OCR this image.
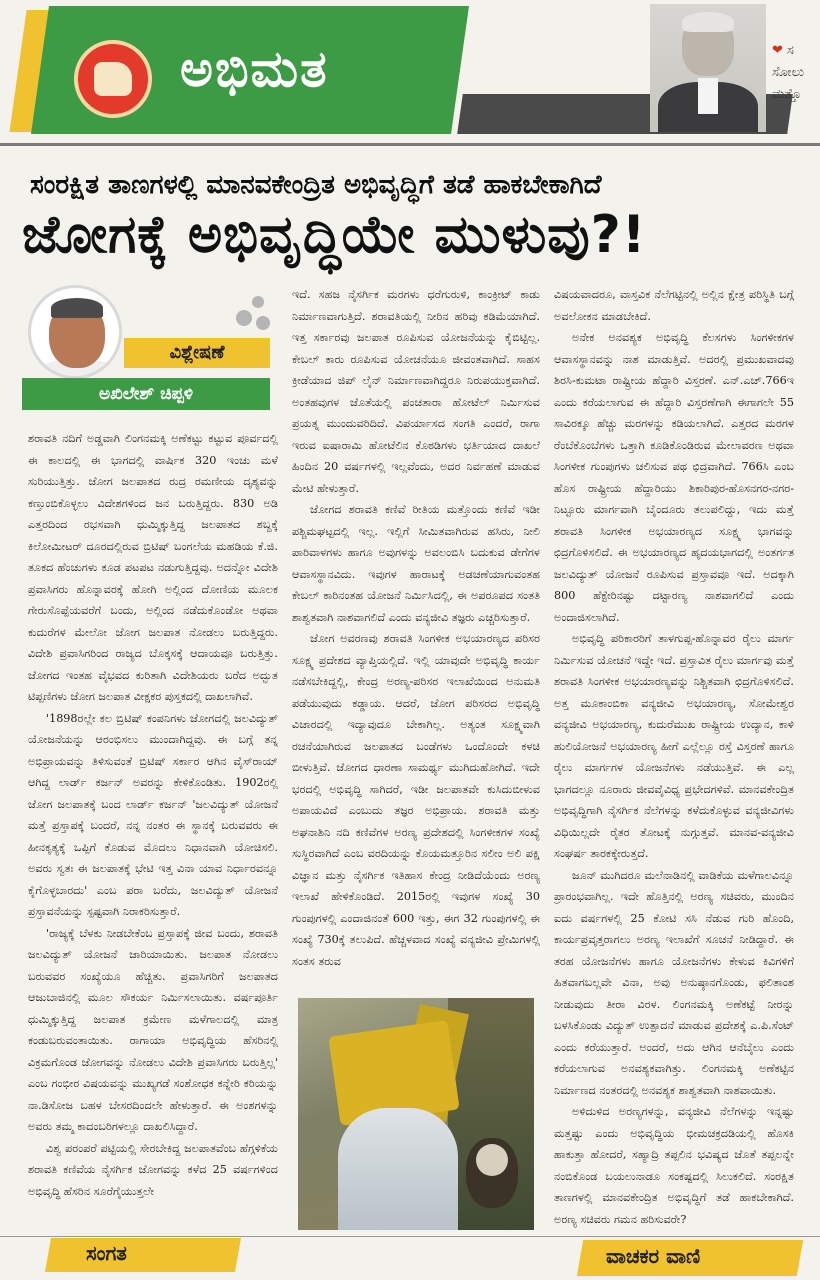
ಅಭಿಮತ	❤ ಸ
ಸೋಲು
ಮತ್ತೊ
ಸಂರಕ್ಷಿತ ತಾಣಗಳಲ್ಲಿ ಮಾನವಕೇಂದ್ರಿತ ಅಭಿವೃದ್ಧಿಗೆ ತಡೆ ಹಾಕಬೇಕಾಗಿದೆ
ಜೋಗಕ್ಕೆ ಅಭಿವೃದ್ಧಿಯೇ ಮುಳುವು?!
ವಿಶ್ಲೇಷಣೆ
ಅಖಿಲೇಶ್ ಚಿಪ್ಪಳಿ

ಶರಾವತಿ ನದಿಗೆ ಅಡ್ಡವಾಗಿ ಲಿಂಗನಮಕ್ಕಿ ಅಣೆಕಟ್ಟು ಕಟ್ಟುವ ಪೂರ್ವದಲ್ಲಿ ಈ ಕಾಲದಲ್ಲಿ ಈ ಭಾಗದಲ್ಲಿ ವಾರ್ಷಿಕ 320 ಇಂಚು ಮಳೆ ಸುರಿಯುತ್ತಿತ್ತು. ಜೋಗ ಜಲಪಾತದ ರುದ್ರ ರಮಣೀಯ ದೃಶ್ಯವನ್ನು ಕಣ್ತುಂಬಿಕೊಳ್ಳಲು ವಿದೇಶಗಳಿಂದ ಜನ ಬರುತ್ತಿದ್ದರು. 830 ಅಡಿ ಎತ್ತರದಿಂದ ರಭಸವಾಗಿ ಧುಮ್ಮಿಕ್ಕುತ್ತಿದ್ದ ಜಲಪಾತದ ಶಬ್ದಕ್ಕೆ ಕಿಲೋಮೀಟರ್ ದೂರದಲ್ಲಿರುವ ಬ್ರಿಟಿಷ್ ಬಂಗಲೆಯ ಮಹಡಿಯ ಕೆ.ಜಿ. ತೂಕದ ಹೆಂಚುಗಳು ಕೂಡ ಪಟಪಟ ನಡುಗುತ್ತಿದ್ದವು. ಅದನ್ನೋ ವಿದೇಶಿ ಪ್ರವಾಸಿಗರು ಹೊನ್ನಾವರಕ್ಕೆ ಹೋಗಿ ಅಲ್ಲಿಂದ ದೋಣಿಯ ಮೂಲಕ ಗೇರುಸೊಪ್ಪೆಯವರೆಗೆ ಬಂದು, ಅಲ್ಲಿಂದ ನಡೆದುಕೊಂಡೋ ಅಥವಾ ಕುದುರೆಗಳ ಮೇಲೋ ಜೋಗ ಜಲಪಾತ ನೋಡಲು ಬರುತ್ತಿದ್ದರು. ವಿದೇಶಿ ಪ್ರವಾಸಿಗರಿಂದ ರಾಜ್ಯದ ಬೊಕ್ಕಸಕ್ಕೆ ಆದಾಯವೂ ಬರುತ್ತಿತ್ತು. ಜೋಗದ ಇಂತಹ ವೈಭವದ ಕುರಿತಾಗಿ ವಿದೇಶಿಯರು ಬರೆದ ಅದ್ಭುತ ಟಿಪ್ಪಣಿಗಳು ಜೋಗ ಜಲಪಾತ ವೀಕ್ಷಕರ ಪುಸ್ತಕದಲ್ಲಿ ದಾಖಲಾಗಿವೆ.

'1898ರಲ್ಲೇ ಕಲ ಬ್ರಿಟಿಷ್ ಕಂಪನಿಗಳು ಜೋಗದಲ್ಲಿ ಜಲವಿದ್ಯುತ್ ಯೋಜನೆಯನ್ನು ಆರಂಭಿಸಲು ಮುಂದಾಗಿದ್ದವು. ಈ ಬಗ್ಗೆ ತನ್ನ ಅಭಿಪ್ರಾಯವನ್ನು ತಿಳಿಸುವಂತೆ ಬ್ರಿಟಿಷ್ ಸರ್ಕಾರ ಆಗಿನ ವೈಸ್‌ರಾಯ್ ಆಗಿದ್ದ ಲಾರ್ಡ್ ಕರ್ಜನ್ ಅವರನ್ನು ಕೇಳಿಕೊಂಡಿತು. 1902ರಲ್ಲಿ ಜೋಗ ಜಲಪಾತಕ್ಕೆ ಬಂದ ಲಾರ್ಡ್ ಕರ್ಜನ್ 'ಜಲವಿದ್ಯುತ್ ಯೋಜನೆ ಮತ್ತೆ ಪ್ರಸ್ತಾಪಕ್ಕೆ ಬಂದರೆ, ನನ್ನ ನಂತರ ಈ ಸ್ಥಾನಕ್ಕೆ ಬರುವವರು ಈ ಹೀನಕೃತ್ಯಕ್ಕೆ ಒಪ್ಪಿಗೆ ಕೊಡುವ ಮೊದಲು ನಿಧಾನವಾಗಿ ಯೋಚಿಸಲಿ. ಅವರು ಸ್ವತಃ ಈ ಜಲಪಾತಕ್ಕೆ ಭೇಟಿ ಇತ್ತ ವಿನಾ ಯಾವ ನಿರ್ಧಾರವನ್ನೂ ಕೈಗೊಳ್ಳಬಾರದು' ಎಂಬ ಪರಾ ಬರೆದು, ಜಲವಿದ್ಯುತ್ ಯೋಜನೆ ಪ್ರಸ್ತಾವನೆಯನ್ನು ಸ್ಪಷ್ಟವಾಗಿ ನಿರಾಕರಿಸುತ್ತಾರೆ.

'ರಾಜ್ಯಕ್ಕೆ ಬೆಳಕು ನೀಡಬೇಕೆಂಬ ಪ್ರಸ್ತಾಪಕ್ಕೆ ಜೀವ ಬಂದು, ಶರಾವತಿ ಜಲವಿದ್ಯುತ್ ಯೋಜನೆ ಜಾರಿಯಾಯಿತು. ಜಲಪಾತ ನೋಡಲು ಬರುವವರ ಸಂಖ್ಯೆಯೂ ಹೆಚ್ಚಿತು. ಪ್ರವಾಸಿಗರಿಗೆ ಜಲಪಾತದ ಆಜುಬಾಜಿನಲ್ಲಿ ಮೂಲ ಸೌಕರ್ಯ ನಿರ್ಮಿಸಲಾಯಿತು. ವರ್ಷಪೂರ್ತಿ ಧುಮ್ಮಿಕ್ಕುತ್ತಿದ್ದ ಜಲಪಾತ ಕ್ರಮೇಣ ಮಳೆಗಾಲದಲ್ಲಿ ಮಾತ್ರ ಕಂಡುಬರುವಂತಾಯಿತು. ರಾಗಾಯಾ ಅಭಿವೃದ್ಧಿಯ ಹೆಸರಿನಲ್ಲಿ ವಿಕ್ರಮಗೊಂಡ ಜೋಗವನ್ನು ನೋಡಲು ವಿದೇಶಿ ಪ್ರವಾಸಿಗರು ಬರುತ್ತಿಲ್ಲ' ಎಂಬ ಗಂಭೀರ ವಿಷಯವನ್ನು ಮುಖ್ಯಗಡೆ ಸಂಶೋಧಕ ಕನ್ನೇರಿ ಕರಿಯನ್ನು ನಾ.ಡಿಸೋಜ ಬಹಳ ಬೇಸರದಿಂದಲೇ ಹೇಳುತ್ತಾರೆ. ಈ ಅಂಶಗಳನ್ನು ಅವರು ತಮ್ಮ ಕಾದಂಬರಿಗಳಲ್ಲೂ ದಾಖಲಿಸಿದ್ದಾರೆ.

ವಿಶ್ವ ಪರಂಪರೆ ಪಟ್ಟಿಯಲ್ಲಿ ಸೇರಬೇಕಿದ್ದ ಜಲಪಾತವೆಂಬ ಹೆಗ್ಗಳಿಕೆಯ ಶರಾವತಿ ಕಣಿವೆಯ ನೈಸರ್ಗಿಕ ಜೋಗವನ್ನು ಕಳೆದ 25 ವರ್ಷಗಳಿಂದ ಅಭಿವೃದ್ಧಿ ಹೆಸರಿನ ಸೂರೆಗೈಯುತ್ತಲೇ

ಇದೆ. ಸಹಜ ನೈಸರ್ಗಿಕ ಮರಗಳು ಧರೆಗುರುಳಿ, ಕಾಂಕ್ರೀಟ್ ಕಾಡು ನಿರ್ಮಾಣವಾಗುತ್ತಿದೆ. ಶರಾವತಿಯಲ್ಲಿ ನೀರಿನ ಹರಿವು ಕಡಿಮೆಯಾಗಿದೆ. ಇತ್ತ ಸರ್ಕಾರವು ಜಲಪಾತ ರೂಪಿಸುವ ಯೋಜನೆಯನ್ನು ಕೈಬಿಟ್ಟಿಲ್ಲ. ಕೇಬಲ್ ಕಾರು ರೂಪಿಸುವ ಯೋಚನೆಯೂ ಜೀವಂತವಾಗಿದೆ. ಸಾಹಸ ಕ್ರೀಡೆಯಾದ ಜಿಪ್ ಲೈನ್ ನಿರ್ಮಾಣವಾಗಿದ್ದರೂ ನಿರುಪಯುಕ್ತವಾಗಿದೆ. ಅಂತಹವುಗಳ ಜೊತೆಯಲ್ಲಿ ಪಂಚತಾರಾ ಹೋಟೆಲ್ ನಿರ್ಮಿಸುವ ಪ್ರಯತ್ನ ಮುಂದುವರಿದಿದೆ. ವಿಪರ್ಯಾಸದ ಸಂಗತಿ ಎಂದರೆ, ರಾಗಾ ಇರುವ ಐಷಾರಾಮಿ ಹೋಟೆಲಿನ ಕೊಠಡಿಗಳು ಭರ್ತಿಯಾದ ದಾಖಲೆ ಹಿಂದಿನ 20 ವರ್ಷಗಳಲ್ಲಿ ಇಲ್ಲವೆಂದು, ಅದರ ನಿರ್ವಹಣೆ ಮಾಡುವ ಮೇಟಿ ಹೇಳುತ್ತಾರೆ.

ಜೋಗದ ಶರಾವತಿ ಕಣಿವೆ ರೀತಿಯ ಮತ್ತೊಂದು ಕಣಿವೆ ಇಡೀ ಪಶ್ಚಿಮಘಟ್ಟದಲ್ಲಿ ಇಲ್ಲ. ಇಲ್ಲಿಗೆ ಸೀಮಿತವಾಗಿರುವ ಹಸಿರು, ನೀಲಿ ಪಾರಿವಾಳಗಳು ಹಾಗೂ ಅವುಗಳನ್ನು ಅವಲಂಬಿಸಿ ಬದುಕುವ ಡೇಗೆಗಳ ಆವಾಸಸ್ಥಾನವಿದು. ಇವುಗಳ ಹಾರಾಟಕ್ಕೆ ಅಡಚಣೆಯಾಗುವಂತಹ ಕೇಬಲ್ ಕಾರಿನಂತಹ ಯೋಜನೆ ನಿರ್ಮಿಸಿದಲ್ಲಿ, ಈ ಅಪರೂಪದ ಸಂತತಿ ಶಾಶ್ವತವಾಗಿ ನಾಶವಾಗಲಿದೆ ಎಂದು ವನ್ಯಜೀವಿ ತಜ್ಞರು ಎಚ್ಚರಿಸುತ್ತಾರೆ.

ಜೋಗ ಅವರಣವು ಶರಾವತಿ ಸಿಂಗಳೀಕ ಅಭಯಾರಣ್ಯದ ಪರಿಸರ ಸೂಕ್ಷ್ಮ ಪ್ರದೇಶದ ವ್ಯಾಪ್ತಿಯಲ್ಲಿದೆ. ಇಲ್ಲಿ ಯಾವುದೇ ಅಭಿವೃದ್ಧಿ ಕಾರ್ಯ ನಡೆಸಬೇಕಿದ್ದಲ್ಲಿ, ಕೇಂದ್ರ ಅರಣ್ಯ-ಪರಿಸರ ಇಲಾಖೆಯಿಂದ ಅನುಮತಿ ಪಡೆಯುವುದು ಕಡ್ಡಾಯ. ಆದರೆ, ಜೋಗ ಪರಿಸರದ ಅಭಿವೃದ್ಧಿ ವಿಚಾರದಲ್ಲಿ ಇದ್ಯಾವುದೂ ಬೇಕಾಗಿಲ್ಲ. ಅತ್ಯಂತ ಸೂಕ್ಷ್ಮವಾಗಿ ರಚನೆಯಾಗಿರುವ ಜಲಪಾತದ ಬಂಡೆಗಳು ಒಂದೊಂದೇ ಕಳಚಿ ಬೀಳುತ್ತಿವೆ. ಜೋಗದ ಧಾರಣಾ ಸಾಮರ್ಥ್ಯ ಮುಗಿದುಹೋಗಿದೆ. ಇದೇ ಭರದಲ್ಲಿ ಅಭಿವೃದ್ಧಿ ಸಾಗಿದರೆ, ಇಡೀ ಜಲಪಾತವೇ ಕುಸಿದುಬೀಳುವ ಅಪಾಯವಿದೆ ಎಂಬುದು ತಜ್ಞರ ಅಭಿಪ್ರಾಯ. ಶರಾವತಿ ಮತ್ತು ಅಘನಾಶಿನಿ ನದಿ ಕಣಿವೆಗಳ ಅರಣ್ಯ ಪ್ರದೇಶದಲ್ಲಿ ಸಿಂಗಳೀಕಗಳ ಸಂಖ್ಯೆ ಸುಸ್ಥಿರವಾಗಿದೆ ಎಂಬ ವರದಿಯನ್ನು ಕೊಯಮತ್ತೂರಿನ ಸಲೀಂ ಅಲಿ ಪಕ್ಷಿ ವಿಜ್ಞಾನ ಮತ್ತು ನೈಸರ್ಗಿಕ ಇತಿಹಾಸ ಕೇಂದ್ರ ನೀಡಿದೆಯೆಂದು ಅರಣ್ಯ ಇಲಾಖೆ ಹೇಳಿಕೊಂಡಿದೆ. 2015ರಲ್ಲಿ ಇವುಗಳ ಸಂಖ್ಯೆ 30 ಗುಂಪುಗಳಲ್ಲಿ ಎಂದಾಜಿನಂತೆ 600 ಇತ್ತು, ಈಗ 32 ಗುಂಪುಗಳಲ್ಲಿ ಈ ಸಂಖ್ಯೆ 730ಕ್ಕೆ ತಲುಪಿದೆ. ಹೆಚ್ಚಳವಾದ ಸಂಖ್ಯೆ ವನ್ಯಜೀವಿ ಪ್ರೇಮಿಗಳಲ್ಲಿ ಸಂತಸ ತರುವ

ವಿಷಯವಾದರೂ, ವಾಸ್ತವಿಕ ನೆಲೆಗಟ್ಟಿನಲ್ಲಿ ಅಲ್ಲಿನ ಕ್ಷೇತ್ರ ಪರಿಸ್ಥಿತಿ ಬಗ್ಗೆ ಅವಲೋಕನ ಮಾಡಬೇಕಿದೆ.

ಅನೇಕ ಅನವಶ್ಯಕ ಅಭಿವೃದ್ಧಿ ಕೆಲಸಗಳು ಸಿಂಗಳೀಕಗಳ ಆವಾಸಸ್ಥಾನವನ್ನು ನಾಶ ಮಾಡುತ್ತಿವೆ. ಅದರಲ್ಲಿ ಪ್ರಮುಖವಾದವು ಶಿರಸಿ-ಕುಮಟಾ ರಾಷ್ಟ್ರೀಯ ಹೆದ್ದಾರಿ ವಿಸ್ತರಣೆ. ಎನ್.ಎಚ್.766ಇ ಎಂದು ಕರೆಯಲಾಗುವ ಈ ಹೆದ್ದಾರಿ ವಿಸ್ತರಣೆಗಾಗಿ ಈಗಾಗಲೇ 55 ಸಾವಿರಕ್ಕೂ ಹೆಚ್ಚು ಮರಗಳನ್ನು ಕಡಿಯಲಾಗಿದೆ. ಎತ್ತರದ ಮರಗಳ ರೆಂಬೆಕೊಂಬೆಗಳು ಒತ್ತಾಗಿ ಕೂಡಿಕೊಂಡಿರುವ ಮೇಲಾವರಣ ಅಥವಾ ಸಿಂಗಳೀಕ ಗುಂಪುಗಳು ಚಲಿಸುವ ಪಥ ಛಿದ್ರವಾಗಿದೆ. 766ಸಿ ಎಂಬ ಹೊಸ ರಾಷ್ಟ್ರೀಯ ಹೆದ್ದಾರಿಯು ಶಿಕಾರಿಪುರ-ಹೊಸನಗರ-ನಗರ-ನಿಟ್ಟೂರು ಮಾರ್ಗವಾಗಿ ಬೈಂದೂರು ತಲುಪಲಿದ್ದು, ಇದು ಮತ್ತೆ ಶರಾವತಿ ಸಿಂಗಳೀಕ ಅಭಯಾರಣ್ಯದ ಸೂಕ್ಷ್ಮ ಭಾಗವನ್ನು ಛಿದ್ರಗೊಳಿಸಲಿದೆ. ಈ ಅಭಯಾರಣ್ಯದ ಹೃದಯಭಾಗದಲ್ಲಿ ಅಂತರ್ಗತ ಜಲವಿದ್ಯುತ್ ಯೋಜನೆ ರೂಪಿಸುವ ಪ್ರಸ್ತಾವವೂ ಇದೆ. ಅದಕ್ಕಾಗಿ 800 ಹೆಕ್ಟೇರಿನಷ್ಟು ದಟ್ಟಾರಣ್ಯ ನಾಶವಾಗಲಿದೆ ಎಂದು ಅಂದಾಜಿಸಲಾಗಿದೆ.

ಅಭಿವೃದ್ಧಿ ಪರಿಕಾರರಿಗೆ ತಾಳಗುಪ್ಪ-ಹೊನ್ನಾವರ ರೈಲು ಮಾರ್ಗ ನಿರ್ಮಿಸುವ ಯೋಚನೆ ಇದ್ದೇ ಇದೆ. ಪ್ರಸ್ತಾವಿತ ರೈಲು ಮಾರ್ಗವು ಮತ್ತೆ ಶರಾವತಿ ಸಿಂಗಳೀಕ ಅಭಯಾರಣ್ಯವನ್ನು ನಿಶ್ಚಿತವಾಗಿ ಛಿದ್ರಗೊಳಿಸಲಿದೆ. ಅತ್ತ ಮೂಕಾಂಬಿಕಾ ವನ್ಯಜೀವಿ ಅಭಯಾರಣ್ಯ, ಸೋಮೇಶ್ವರ ವನ್ಯಜೀವಿ ಅಭಯಾರಣ್ಯ, ಕುದುರೆಮುಖ ರಾಷ್ಟ್ರೀಯ ಉದ್ಯಾನ, ಕಾಳಿ ಹುಲಿಯೋಜನೆ ಅಭಯಾರಣ್ಯ ಹೀಗೆ ಎಲ್ಲೆಲ್ಲೂ ರಸ್ತೆ ವಿಸ್ತರಣೆ ಹಾಗೂ ರೈಲು ಮಾರ್ಗಗಳ ಯೋಜನೆಗಳು ನಡೆಯುತ್ತಿವೆ. ಈ ಎಲ್ಲ ಭಾಗದಲ್ಲೂ ನೂರಾರು ಜೀವವೈವಿಧ್ಯ ಪ್ರಭೇದಗಳಿವೆ. ಮಾನವಕೇಂದ್ರಿತ ಅಭಿವೃದ್ಧಿಗಾಗಿ ನೈಸರ್ಗಿಕ ನೆಲೆಗಳನ್ನು ಕಳೆದುಕೊಳ್ಳುವ ವನ್ಯಜೀವಿಗಳು ವಿಧಿಯಿಲ್ಲದೇ ರೈತರ ತೋಟಕ್ಕೆ ನುಗ್ಗುತ್ತವೆ. ಮಾನವ-ವನ್ಯಜೀವಿ ಸಂಘರ್ಷ ತಾರಕಕ್ಕೇರುತ್ತದೆ.

ಜೂನ್ ಮುಗಿದರೂ ಮಲೆನಾಡಿನಲ್ಲಿ ವಾಡಿಕೆಯ ಮಳೆಗಾಲವಿನ್ನೂ ಪ್ರಾರಂಭವಾಗಿಲ್ಲ. ಇದೇ ಹೊತ್ತಿನಲ್ಲಿ ಅರಣ್ಯ ಸಚಿವರು, ಮುಂದಿನ ಐದು ವರ್ಷಗಳಲ್ಲಿ 25 ಕೋಟಿ ಸಸಿ ನೆಡುವ ಗುರಿ ಹೊಂದಿ, ಕಾರ್ಯಪ್ರವೃತ್ತರಾಗಲು ಅರಣ್ಯ ಇಲಾಖೆಗೆ ಸೂಚನೆ ನೀಡಿದ್ದಾರೆ. ಈ ತರಹ ಯೋಜನೆಗಳು ಹಾಗೂ ಯೋಜನೆಗಳು ಕೇಳುವ ಕಿವಿಗಳಿಗೆ ಹಿತವಾಗಬಲ್ಲವೇ ವಿನಾ, ಅವು ಅನುಷ್ಠಾನಗೊಂಡು, ಫಲಿತಾಂಶ ನೀಡುವುದು ತೀರಾ ವಿರಳ. ಲಿಂಗನಮಕ್ಕಿ ಅಣೆಕಟ್ಟೆ ನೀರನ್ನು ಬಳಸಿಕೊಂಡು ವಿದ್ಯುತ್ ಉತ್ಪಾದನೆ ಮಾಡುವ ಪ್ರದೇಶಕ್ಕೆ ಎ.ಪಿ.ಸೆಂಟ್ ಎಂದು ಕರೆಯುತ್ತಾರೆ. ಅಂದರೆ, ಅದು ಆಗಿನ ಆನೆಬೈಲು ಎಂದು ಕರೆಯಲಾಗುವ ಅನವಶ್ಯಕವಾಗಿತ್ತು. ಲಿಂಗನಮಕ್ಕಿ ಅಣೆಕಟ್ಟಿನ ನಿರ್ಮಾಣದ ನಂತರದಲ್ಲಿ ಅನವಶ್ಯಕ ಶಾಶ್ವತವಾಗಿ ನಾಶವಾಯಿತು.

ಅಳಿದುಳಿದ ಅರಣ್ಯಗಳನ್ನು, ವನ್ಯಜೀವಿ ನೆಲೆಗಳನ್ನು ಇನ್ನಷ್ಟು ಮತ್ತಷ್ಟು ಎಂದು ಅಭಿವೃದ್ಧಿಯ ಭೀಮಚಕ್ರದಡಿಯಲ್ಲಿ ಹೊಸಕಿ ಹಾಕುತ್ತಾ ಹೋದರೆ, ಸಹ್ಯಾದ್ರಿ ತಪ್ಪಲಿನ ಭವಿಷ್ಯದ ಜೊತೆ ತಪ್ಪಲನ್ನೇ ನಂಬಿಕೊಂಡ ಬಯಲುನಾಡೂ ಸಂಕಷ್ಟದಲ್ಲಿ ಸಿಲುಕಲಿದೆ. ಸಂರಕ್ಷಿತ ತಾಣಗಳಲ್ಲಿ ಮಾನವಕೇಂದ್ರಿತ ಅಭಿವೃದ್ಧಿಗೆ ತಡೆ ಹಾಕಬೇಕಾಗಿದೆ. ಅರಣ್ಯ ಸಚಿವರು ಗಮನ ಹರಿಸುವರೇ?

ಸಂಗತ	ವಾಚಕರ ವಾಣಿ
